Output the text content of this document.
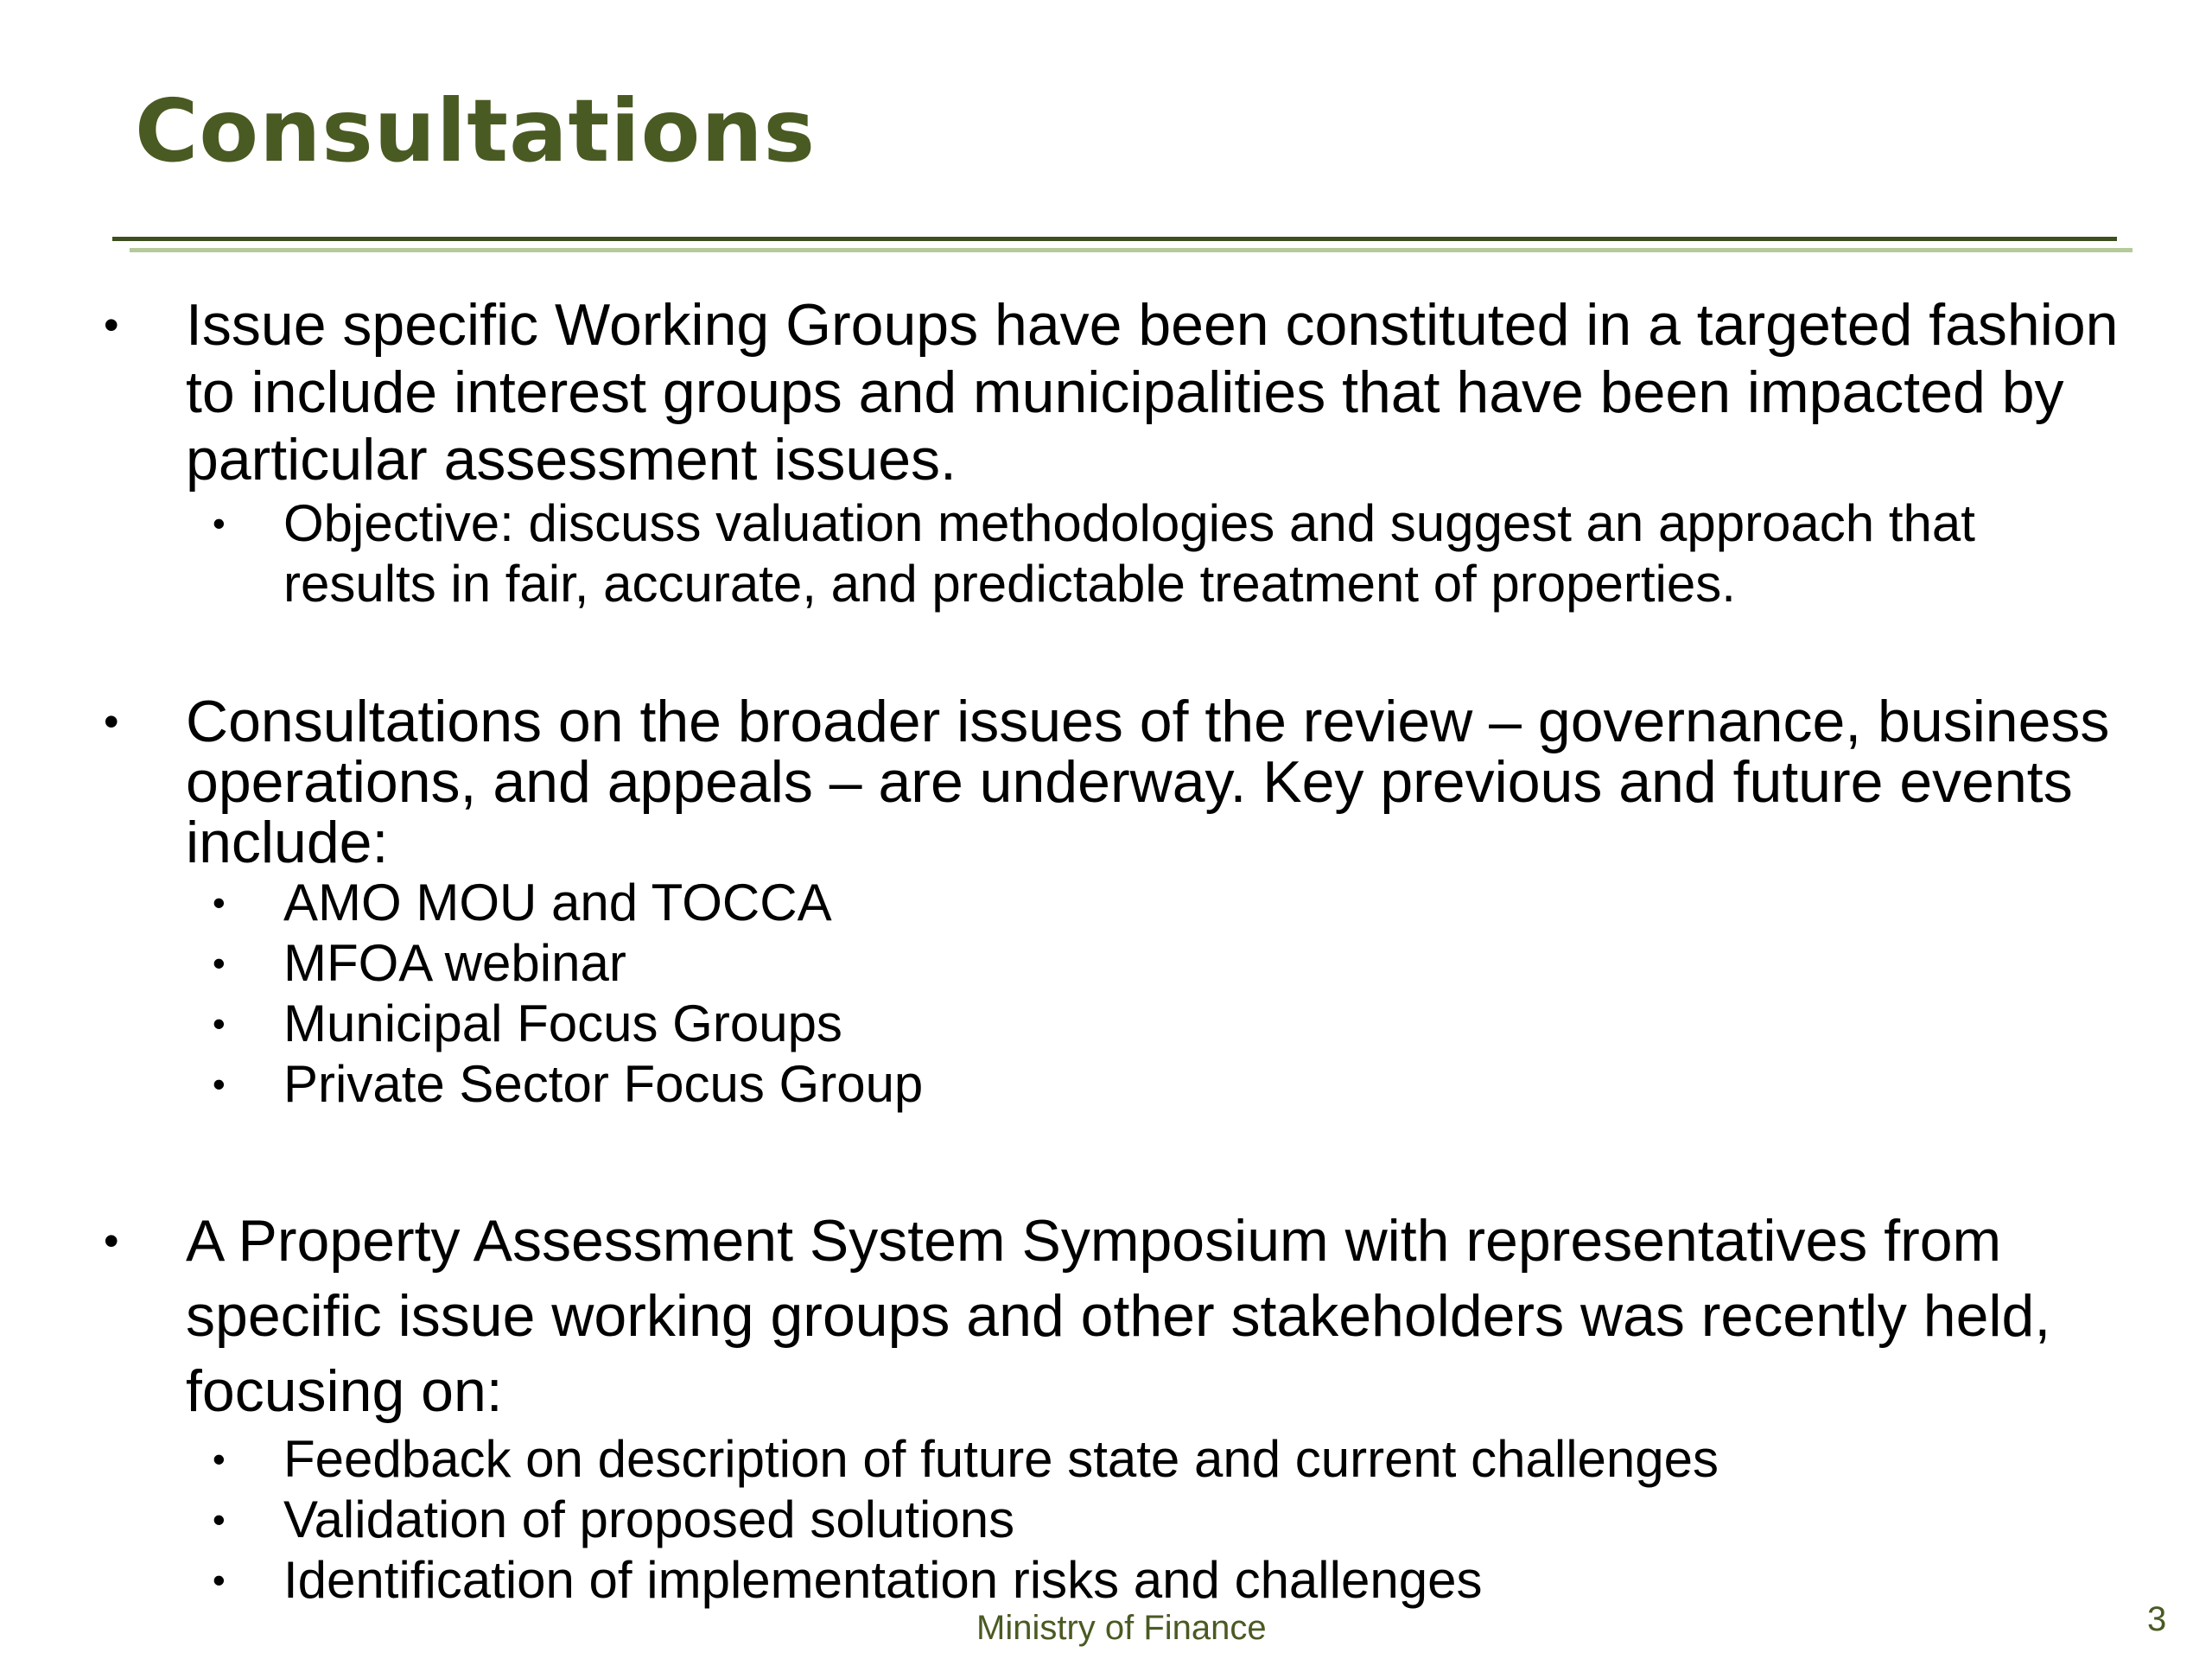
Consultations
• Issue specific Working Groups have been constituted in a targeted fashion to include interest groups and municipalities that have been impacted by particular assessment issues.
• Objective: discuss valuation methodologies and suggest an approach that results in fair, accurate, and predictable treatment of properties.
• Consultations on the broader issues of the review – governance, business operations, and appeals – are underway. Key previous and future events include:
• AMO MOU and TOCCA
• MFOA webinar
• Municipal Focus Groups
• Private Sector Focus Group
• A Property Assessment System Symposium with representatives from specific issue working groups and other stakeholders was recently held, focusing on:
• Feedback on description of future state and current challenges
• Validation of proposed solutions
• Identification of implementation risks and challenges
Ministry of Finance	3
